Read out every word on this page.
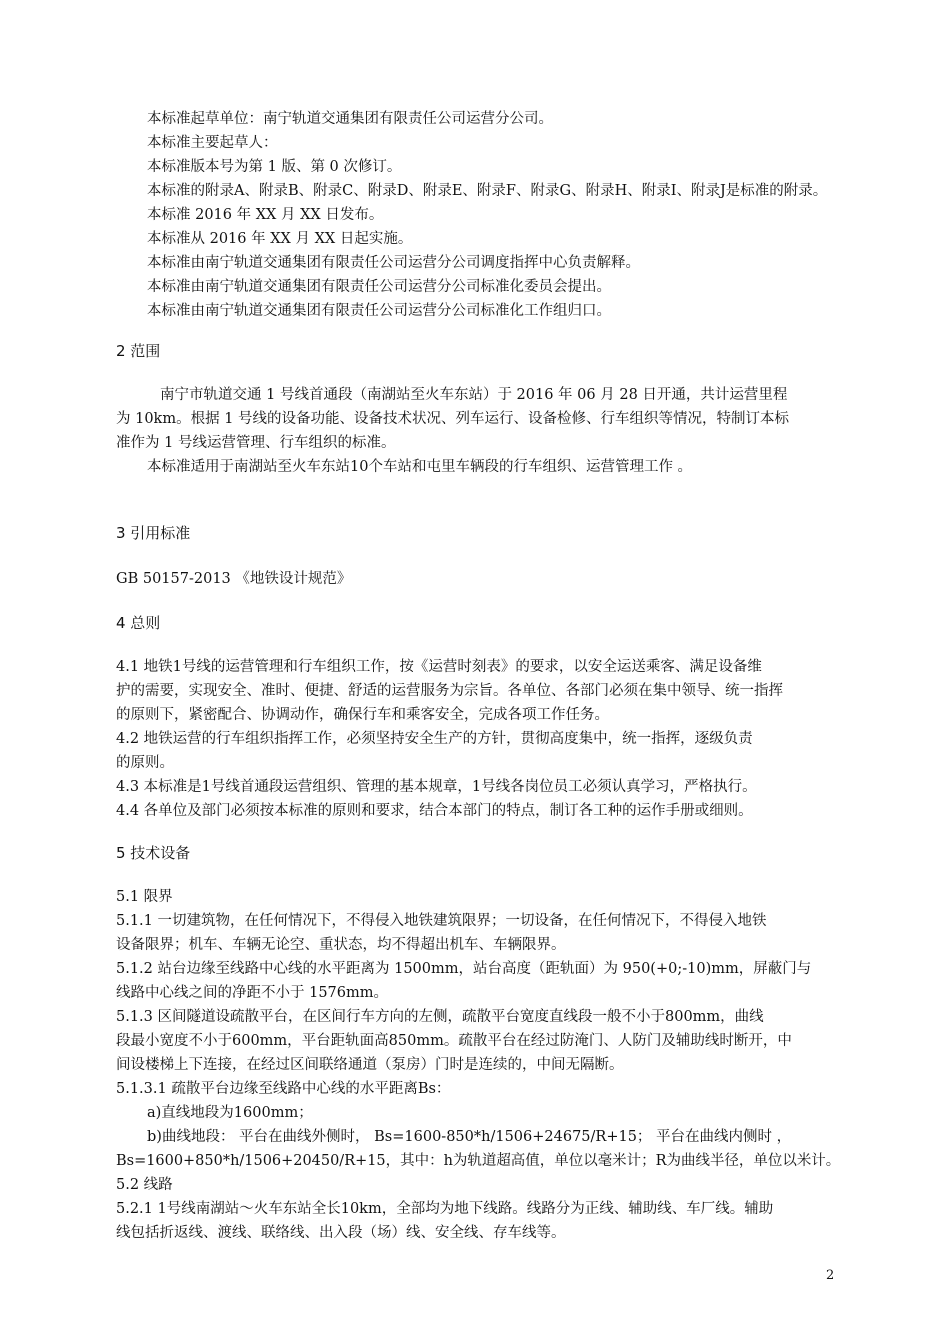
本标准起草单位：南宁轨道交通集团有限责任公司运营分公司。
本标准主要起草人：
本标准版本号为第 1 版、第 0 次修订。
本标准的附录A、附录B、附录C、附录D、附录E、附录F、附录G、附录H、附录I、附录J是标准的附录。
本标准 2016 年 XX 月 XX 日发布。
本标准从 2016 年 XX 月 XX 日起实施。
本标准由南宁轨道交通集团有限责任公司运营分公司调度指挥中心负责解释。
本标准由南宁轨道交通集团有限责任公司运营分公司标准化委员会提出。
本标准由南宁轨道交通集团有限责任公司运营分公司标准化工作组归口。
2 范围
南宁市轨道交通 1 号线首通段（南湖站至火车东站）于 2016 年 06 月 28 日开通，共计运营里程
为 10km。根据 1 号线的设备功能、设备技术状况、列车运行、设备检修、行车组织等情况，特制订本标
准作为 1 号线运营管理、行车组织的标准。
本标准适用于南湖站至火车东站10个车站和屯里车辆段的行车组织、运营管理工作 。
3 引用标准
GB 50157-2013 《地铁设计规范》
4 总则
4.1 地铁1号线的运营管理和行车组织工作，按《运营时刻表》的要求，以安全运送乘客、满足设备维
护的需要，实现安全、准时、便捷、舒适的运营服务为宗旨。各单位、各部门必须在集中领导、统一指挥
的原则下，紧密配合、协调动作，确保行车和乘客安全，完成各项工作任务。
4.2 地铁运营的行车组织指挥工作，必须坚持安全生产的方针，贯彻高度集中，统一指挥，逐级负责
的原则。
4.3 本标准是1号线首通段运营组织、管理的基本规章，1号线各岗位员工必须认真学习，严格执行。
4.4 各单位及部门必须按本标准的原则和要求，结合本部门的特点，制订各工种的运作手册或细则。
5 技术设备
5.1 限界
5.1.1 一切建筑物，在任何情况下，不得侵入地铁建筑限界；一切设备，在任何情况下，不得侵入地铁
设备限界；机车、车辆无论空、重状态，均不得超出机车、车辆限界。
5.1.2 站台边缘至线路中心线的水平距离为 1500mm，站台高度（距轨面）为 950(+0;-10)mm，屏蔽门与
线路中心线之间的净距不小于 1576mm。
5.1.3 区间隧道设疏散平台，在区间行车方向的左侧，疏散平台宽度直线段一般不小于800mm，曲线
段最小宽度不小于600mm，平台距轨面高850mm。疏散平台在经过防淹门、人防门及辅助线时断开，中
间设楼梯上下连接，在经过区间联络通道（泵房）门时是连续的，中间无隔断。
5.1.3.1 疏散平台边缘至线路中心线的水平距离Bs：
a)直线地段为1600mm；
b)曲线地段： 平台在曲线外侧时， Bs=1600-850*h/1506+24675/R+15； 平台在曲线内侧时 ，
Bs=1600+850*h/1506+20450/R+15，其中：h为轨道超高值，单位以毫米计；R为曲线半径，单位以米计。
5.2 线路
5.2.1 1号线南湖站～火车东站全长10km，全部均为地下线路。线路分为正线、辅助线、车厂线。辅助
线包括折返线、渡线、联络线、出入段（场）线、安全线、存车线等。
2
